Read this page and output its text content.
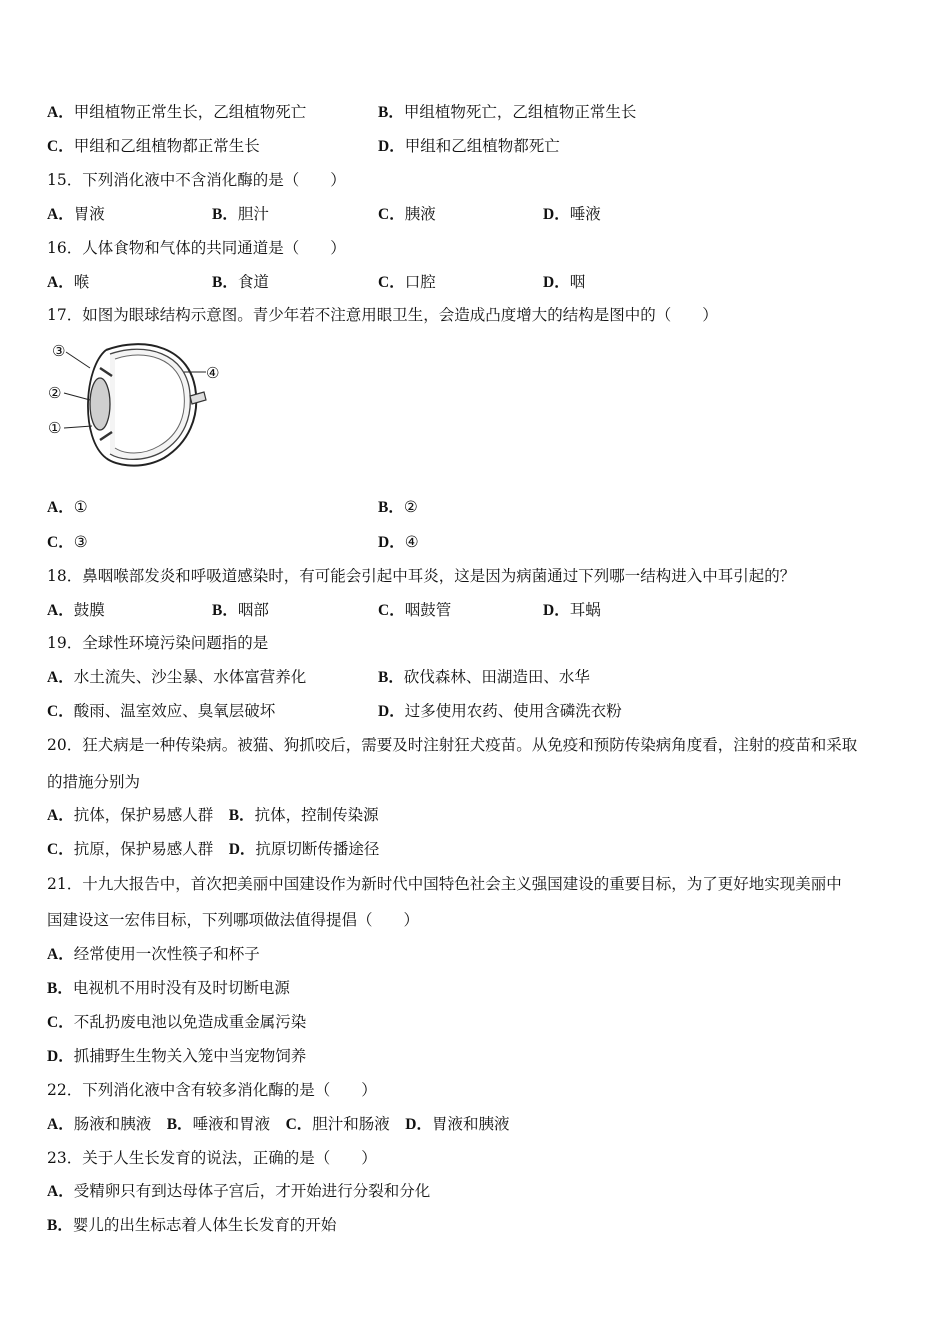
A．甲组植物正常生长，乙组植物死亡	B．甲组植物死亡，乙组植物正常生长
C．甲组和乙组植物都正常生长	D．甲组和乙组植物都死亡
15．下列消化液中不含消化酶的是（　　）
A．胃液	B．胆汁	C．胰液	D．唾液
16．人体食物和气体的共同通道是（　　）
A．喉	B．食道	C．口腔	D．咽
17．如图为眼球结构示意图。青少年若不注意用眼卫生，会造成凸度增大的结构是图中的（　　）
A．①	B．②
C．③	D．④
18．鼻咽喉部发炎和呼吸道感染时，有可能会引起中耳炎，这是因为病菌通过下列哪一结构进入中耳引起的？
A．鼓膜	B．咽部	C．咽鼓管	D．耳蜗
19．全球性环境污染问题指的是
A．水土流失、沙尘暴、水体富营养化	B．砍伐森林、田湖造田、水华
C．酸雨、温室效应、臭氧层破坏	D．过多使用农药、使用含磷洗衣粉
20．狂犬病是一种传染病。被猫、狗抓咬后，需要及时注射狂犬疫苗。从免疫和预防传染病角度看，注射的疫苗和采取
的措施分别为
A．抗体，保护易感人群　 B．抗体，控制传染源
C．抗原，保护易感人群　 D．抗原切断传播途径
21．十九大报告中，首次把美丽中国建设作为新时代中国特色社会主义强国建设的重要目标，为了更好地实现美丽中
国建设这一宏伟目标，下列哪项做法值得提倡（　　）
A．经常使用一次性筷子和杯子
B．电视机不用时没有及时切断电源
C．不乱扔废电池以免造成重金属污染
D．抓捕野生生物关入笼中当宠物饲养
22．下列消化液中含有较多消化酶的是（　　）
A．肠液和胰液　 B．唾液和胃液　 C．胆汁和肠液　 D．胃液和胰液
23．关于人生长发育的说法，正确的是（　　）
A．受精卵只有到达母体子宫后，才开始进行分裂和分化
B．婴儿的出生标志着人体生长发育的开始
③
②
①
④
